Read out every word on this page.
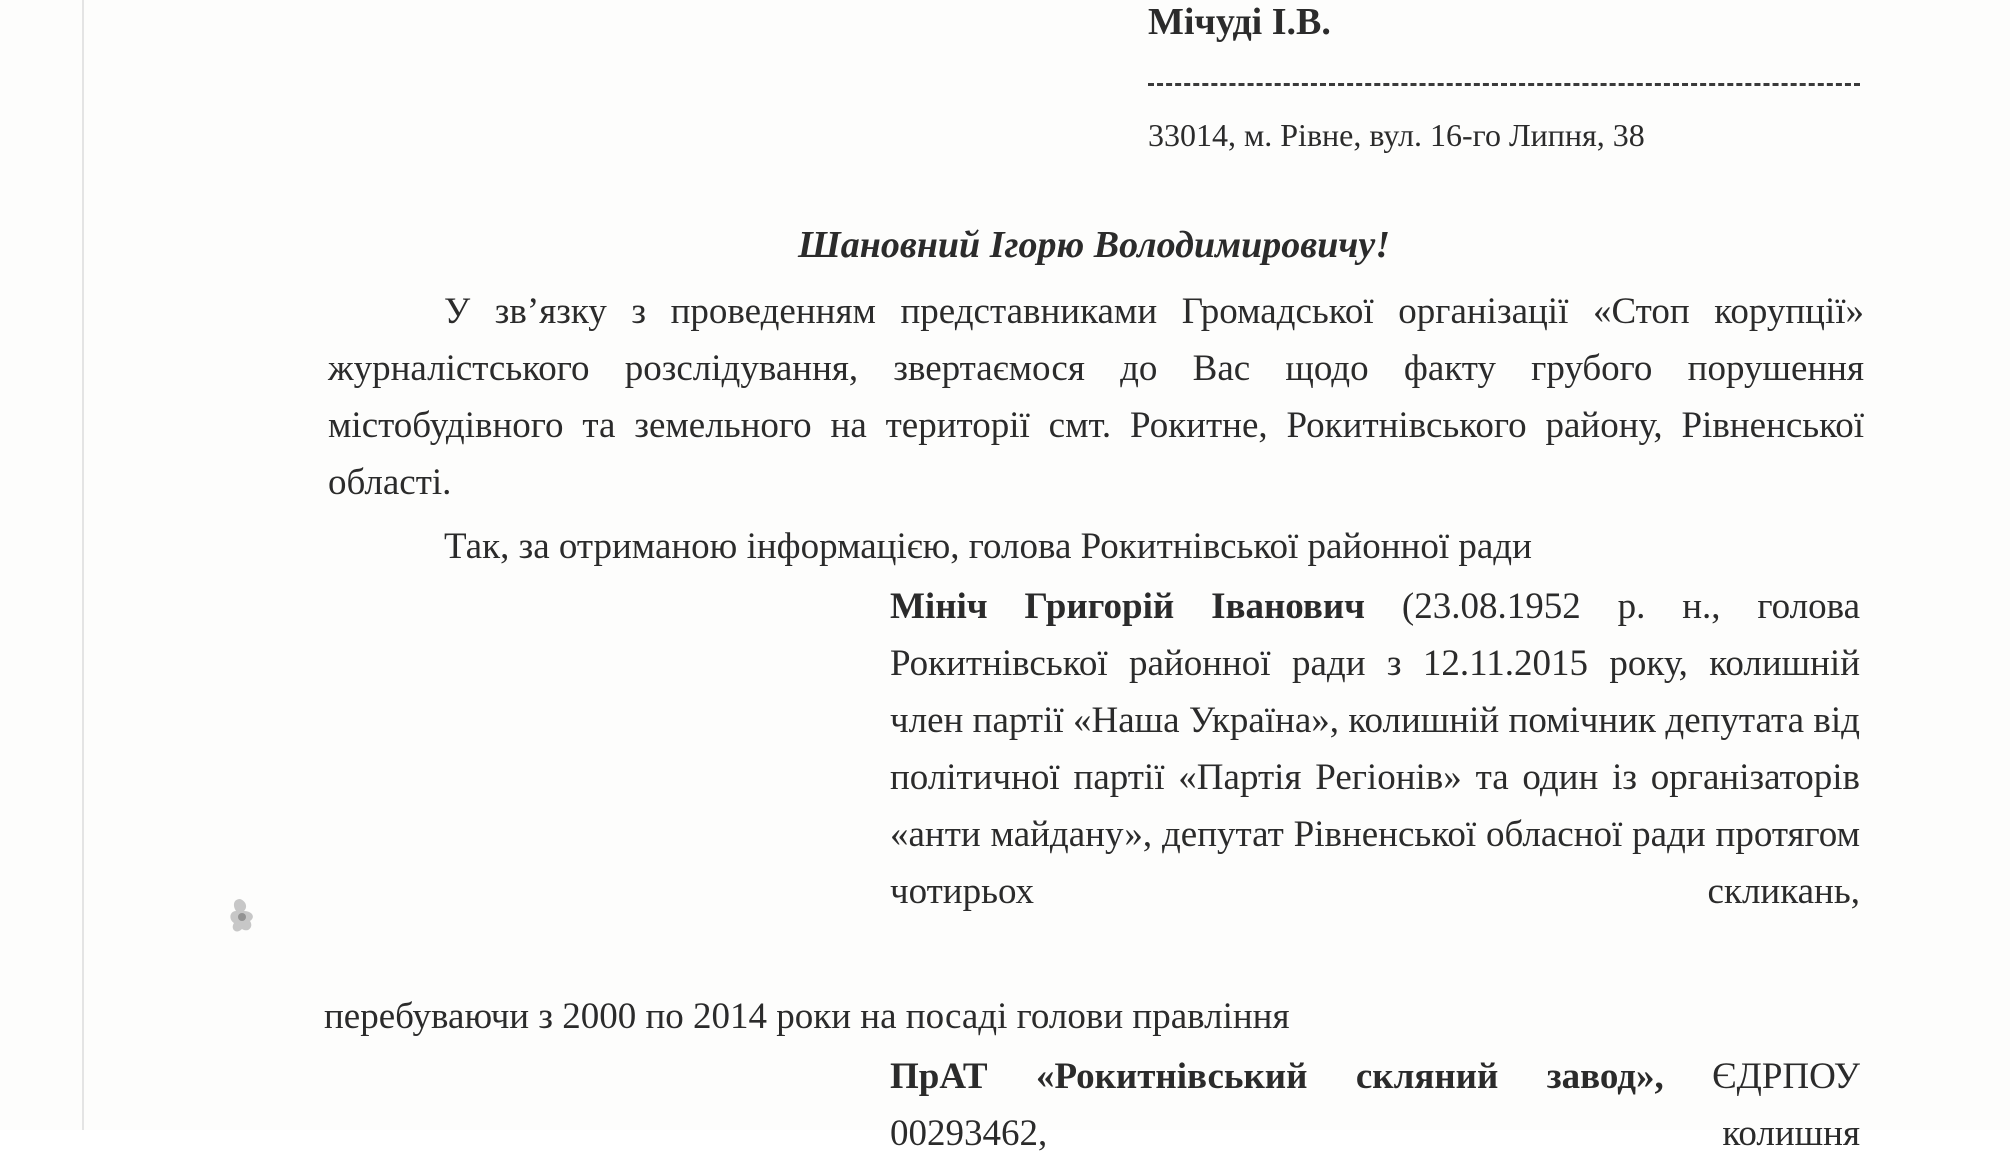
Мічуді І.В.

33014, м. Рівне, вул. 16-го Липня, 38

Шановний Ігорю Володимировичу!

У зв’язку з проведенням представниками Громадської організації «Стоп корупції» журналістського розслідування, звертаємося до Вас щодо факту грубого порушення містобудівного та земельного на території смт. Рокитне, Рокитнівського району, Рівненської області.

Так, за отриманою інформацією, голова Рокитнівської районної ради

Мініч Григорій Іванович (23.08.1952 р. н., голова Рокитнівської районної ради з 12.11.2015 року, колишній член партії «Наша Україна», колишній помічник депутата від політичної партії «Партія Регіонів» та один із організаторів «анти майдану», депутат Рівненської обласної ради протягом чотирьох скликань,

перебуваючи з 2000 по 2014 роки на посаді голови правління

ПрАТ «Рокитнівський скляний завод», ЄДРПОУ 00293462, колишня
